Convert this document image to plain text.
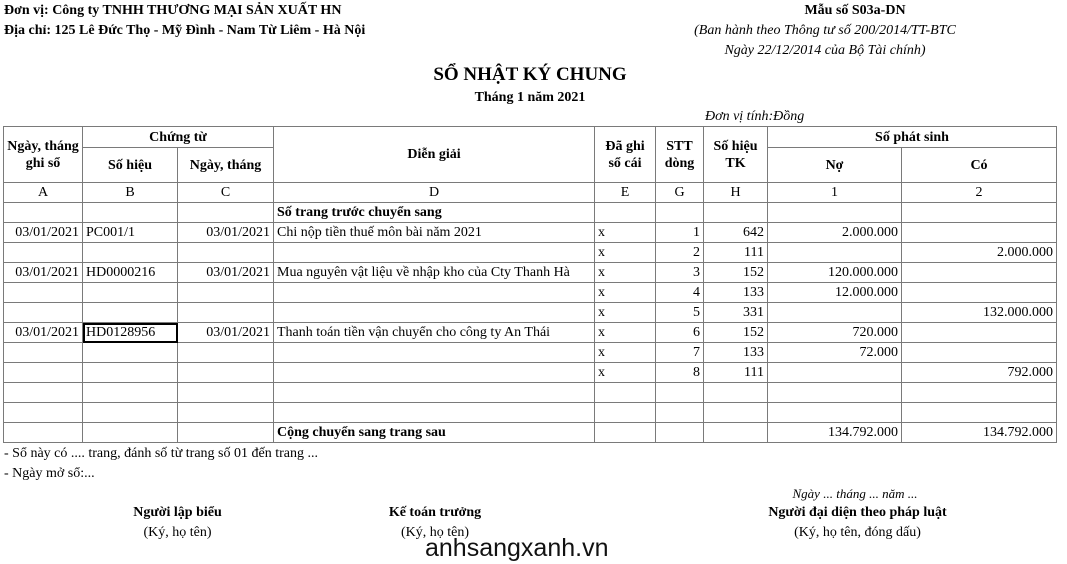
Đơn vị: Công ty TNHH THƯƠNG MẠI SẢN XUẤT HN
Địa chỉ: 125 Lê Đức Thọ - Mỹ Đình - Nam Từ Liêm - Hà Nội
Mẫu số S03a-DN
(Ban hành theo Thông tư số 200/2014/TT-BTC
Ngày 22/12/2014 của Bộ Tài chính)
SỔ NHẬT KÝ CHUNG
Tháng 1 năm 2021
Đơn vị tính:Đồng
Ngày, tháng ghi sổ	Chứng từ		Diễn giải	Đã ghi sổ cái	STT dòng	Số hiệu TK	Số phát sinh	
	Số hiệu	Ngày, tháng					Nợ	Có
A	B	C	D	E	G	H	1	2
			Số trang trước chuyển sang					
03/01/2021	PC001/1	03/01/2021	Chi nộp tiền thuế môn bài năm 2021	x	1	642	2.000.000	
				x	2	111		2.000.000
03/01/2021	HD0000216	03/01/2021	Mua nguyên vật liệu về nhập kho của Cty Thanh Hà	x	3	152	120.000.000	
				x	4	133	12.000.000	
				x	5	331		132.000.000
03/01/2021	HD0128956	03/01/2021	Thanh toán tiền vận chuyển cho công ty An Thái	x	6	152	720.000	
				x	7	133	72.000	
				x	8	111		792.000

			Cộng chuyển sang trang sau				134.792.000	134.792.000
- Sổ này có .... trang, đánh số từ trang số 01 đến trang ...
- Ngày mở sổ:...
Ngày ... tháng ... năm ...
Người lập biểu
(Ký, họ tên)
Kế toán trưởng
(Ký, họ tên)
Người đại diện theo pháp luật
(Ký, họ tên, đóng dấu)
anhsangxanh.vn
